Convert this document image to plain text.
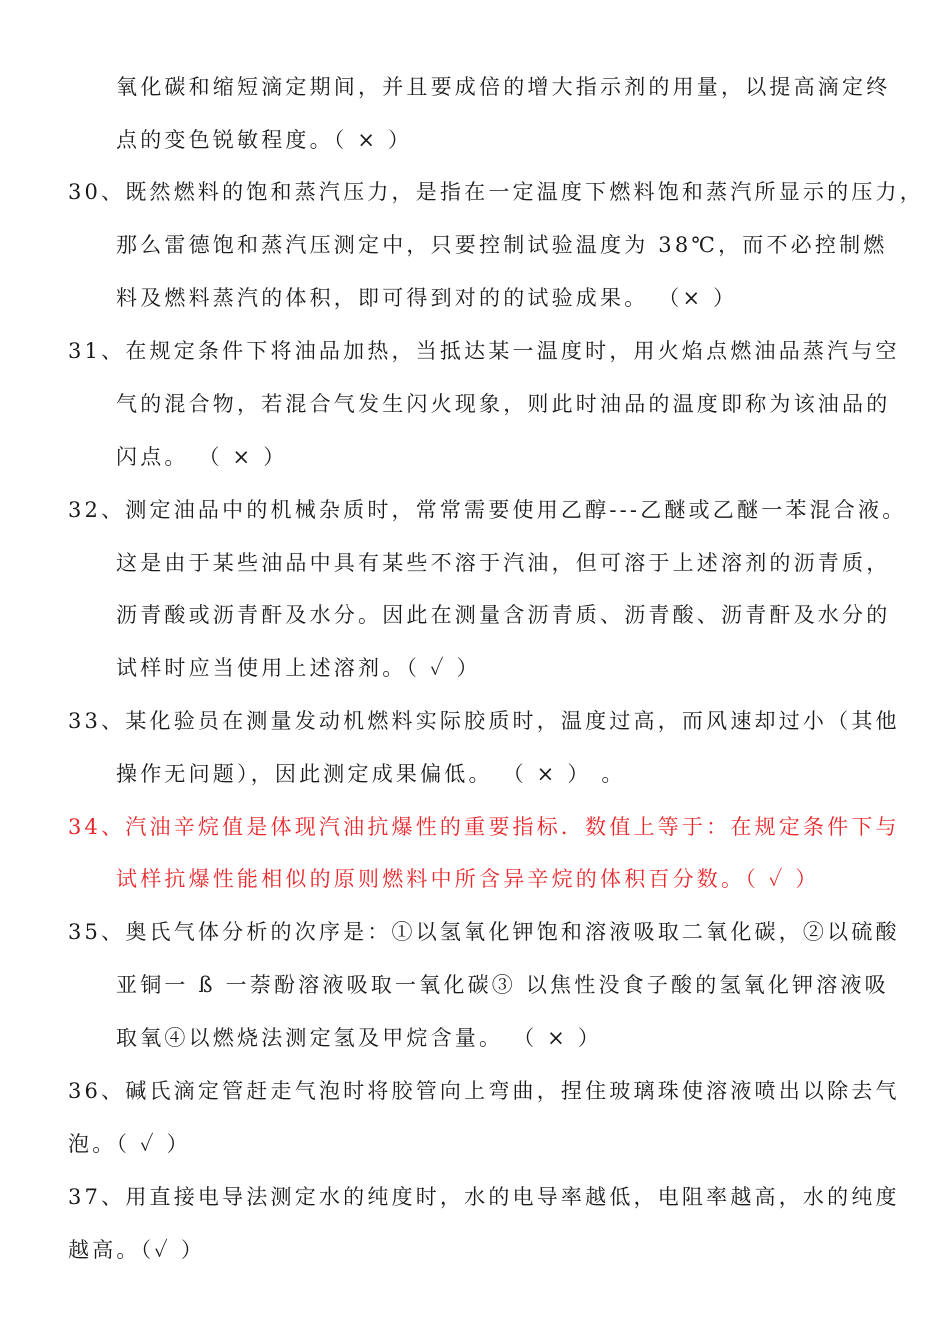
氧化碳和缩短滴定期间，并且要成倍的增大指示剂的用量，以提高滴定终
点的变色锐敏程度。（ × ）
30、既然燃料的饱和蒸汽压力，是指在一定温度下燃料饱和蒸汽所显示的压力，
那么雷德饱和蒸汽压测定中，只要控制试验温度为 38℃，而不必控制燃
料及燃料蒸汽的体积，即可得到对的的试验成果。 （× ）
31、在规定条件下将油品加热，当抵达某一温度时，用火焰点燃油品蒸汽与空
气的混合物，若混合气发生闪火现象，则此时油品的温度即称为该油品的
闪点。 （ × ）
32、测定油品中的机械杂质时，常常需要使用乙醇---乙醚或乙醚一苯混合液。
这是由于某些油品中具有某些不溶于汽油，但可溶于上述溶剂的沥青质，
沥青酸或沥青酐及水分。因此在测量含沥青质、沥青酸、沥青酐及水分的
试样时应当使用上述溶剂。（ ✓ ）
33、某化验员在测量发动机燃料实际胶质时，温度过高，而风速却过小（其他
操作无问题），因此测定成果偏低。 （ × ） 。
34、汽油辛烷值是体现汽油抗爆性的重要指标．数值上等于：在规定条件下与
试样抗爆性能相似的原则燃料中所含异辛烷的体积百分数。（ ✓ ）
35、奥氏气体分析的次序是：①以氢氧化钾饱和溶液吸取二氧化碳，②以硫酸
亚铜一 ß 一萘酚溶液吸取一氧化碳③ 以焦性没食子酸的氢氧化钾溶液吸
取氧④以燃烧法测定氢及甲烷含量。 （ × ）
36、碱氏滴定管赶走气泡时将胶管向上弯曲，捏住玻璃珠使溶液喷出以除去气
泡。（ ✓ ）
37、用直接电导法测定水的纯度时，水的电导率越低，电阻率越高，水的纯度
越高。（✓ ）
